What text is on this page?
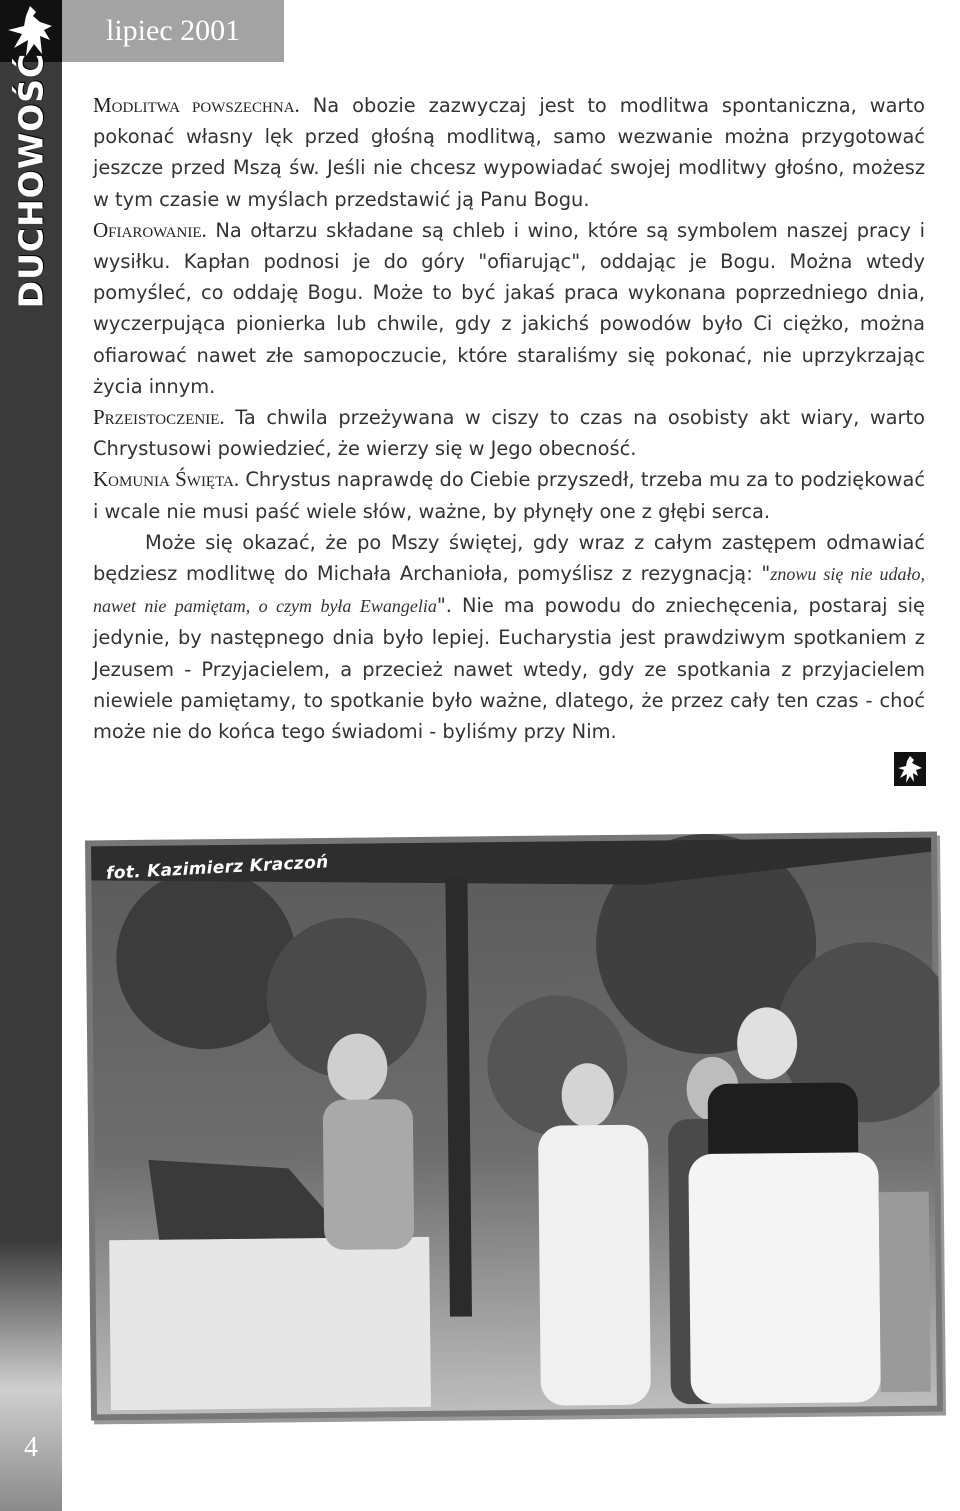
DUCHOWOŚĆ
4
lipiec 2001

Modlitwa powszechna. Na obozie zazwyczaj jest to modlitwa spontaniczna, warto pokonać własny lęk przed głośną modlitwą, samo wezwanie można przygotować jeszcze przed Mszą św. Jeśli nie chcesz wypowiadać swojej modlitwy głośno, możesz w tym czasie w myślach przedstawić ją Panu Bogu.

Ofiarowanie. Na ołtarzu składane są chleb i wino, które są symbolem naszej pracy i wysiłku. Kapłan podnosi je do góry "ofiarując", oddając je Bogu. Można wtedy pomyśleć, co oddaję Bogu. Może to być jakaś praca wykonana poprzedniego dnia, wyczerpująca pionierka lub chwile, gdy z jakichś powodów było Ci ciężko, można ofiarować nawet złe samopoczucie, które staraliśmy się pokonać, nie uprzykrzając życia innym.

Przeistoczenie. Ta chwila przeżywana w ciszy to czas na osobisty akt wiary, warto Chrystusowi powiedzieć, że wierzy się w Jego obecność.

Komunia Święta. Chrystus naprawdę do Ciebie przyszedł, trzeba mu za to podziękować i wcale nie musi paść wiele słów, ważne, by płynęły one z głębi serca.

Może się okazać, że po Mszy świętej, gdy wraz z całym zastępem odmawiać będziesz modlitwę do Michała Archanioła, pomyślisz z rezygnacją: "znowu się nie udało, nawet nie pamiętam, o czym była Ewangelia". Nie ma powodu do zniechęcenia, postaraj się jedynie, by następnego dnia było lepiej. Eucharystia jest prawdziwym spotkaniem z Jezusem - Przyjacielem, a przecież nawet wtedy, gdy ze spotkania z przyjacielem niewiele pamiętamy, to spotkanie było ważne, dlatego, że przez cały ten czas - choć może nie do końca tego świadomi - byliśmy przy Nim.

fot. Kazimierz Kraczoń
